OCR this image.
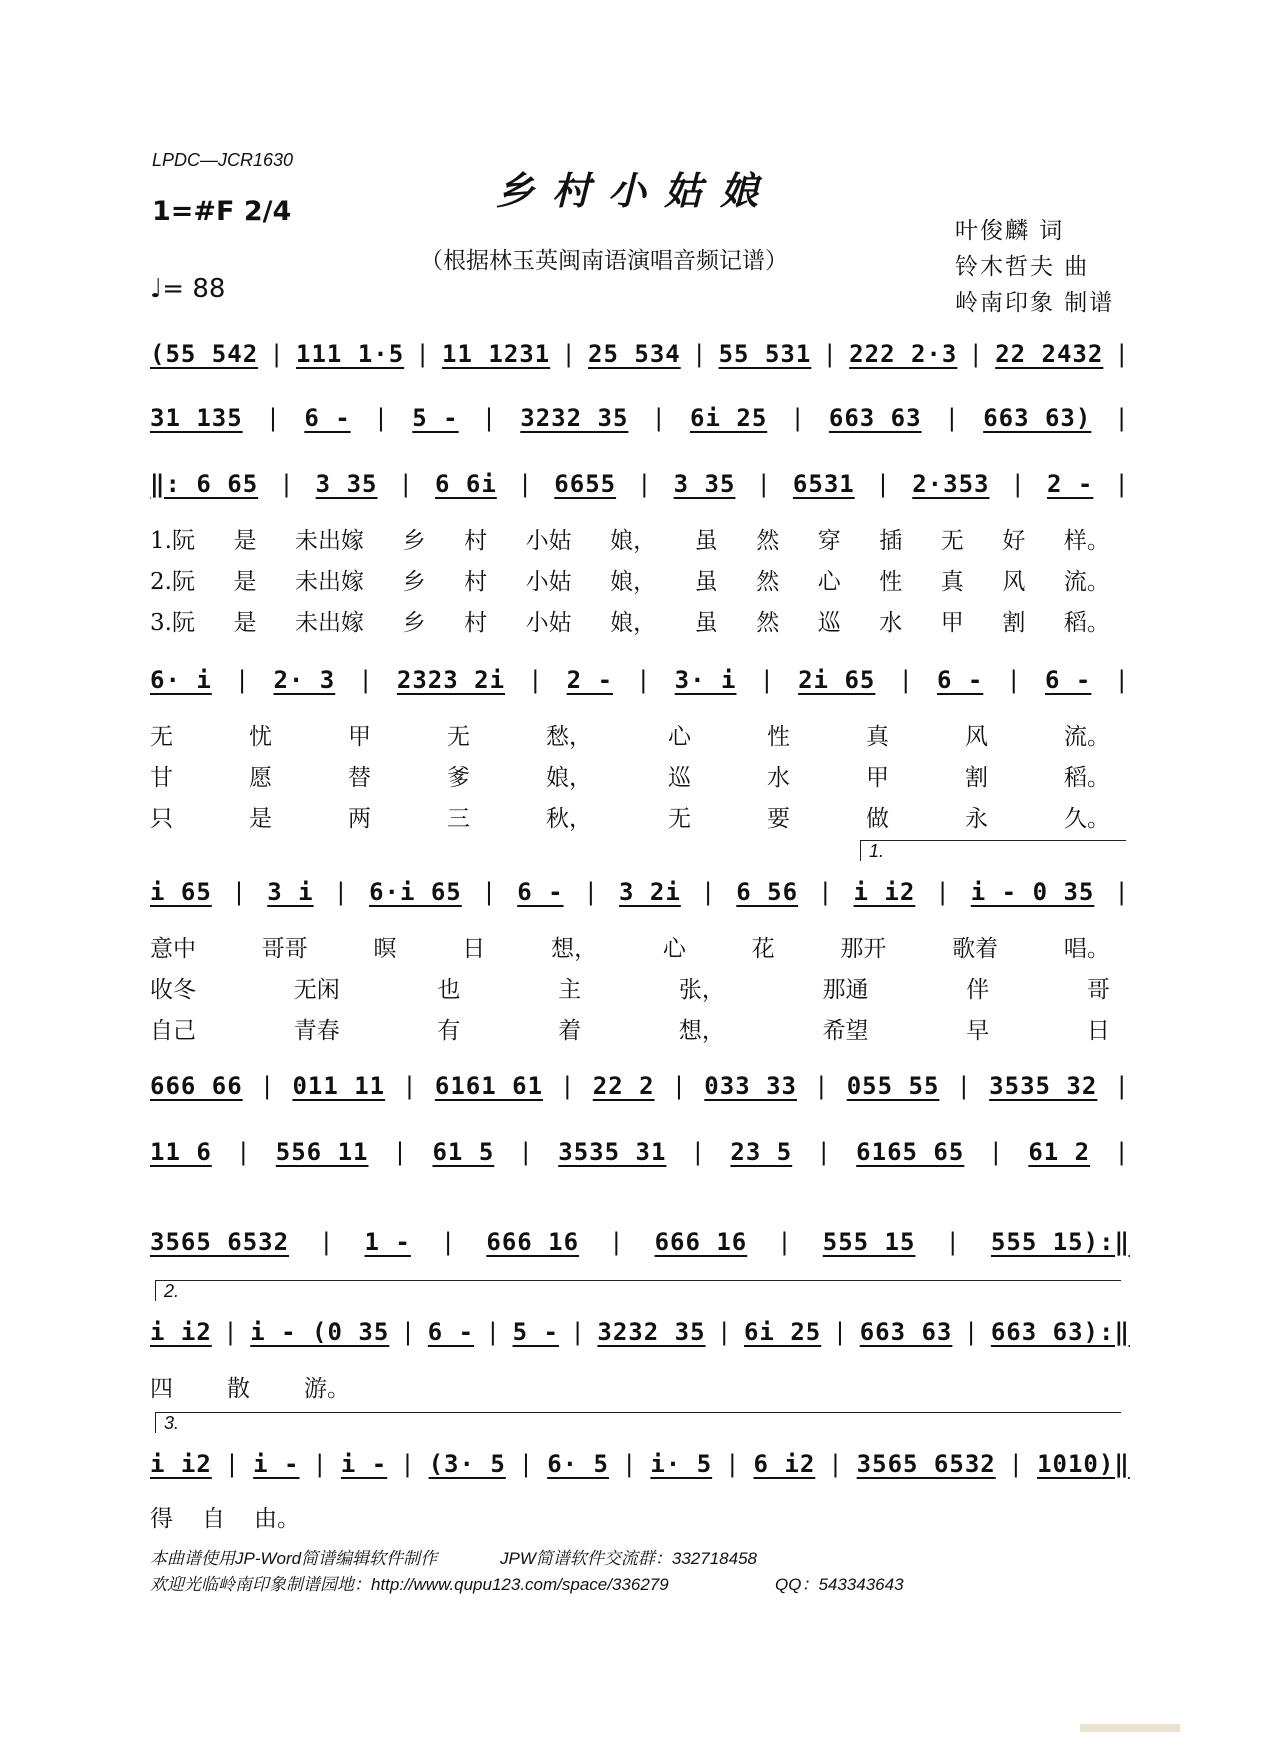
LPDC—JCR1630
乡村小姑娘
（根据林玉英闽南语演唱音频记谱）
1=#F 2/4
♩= 88
叶俊麟 词
铃木哲夫 曲
岭南印象 制谱
(55 542 | 111 1·5 | 11 1231 | 25 534 | 55 531 | 222 2·3 | 22 2432 |
31 135 | 6 - | 5 - | 3232 35 | 6i 25 | 663 63 | 663 63) |
‖: 6 65 | 3 35 | 6 6i | 6655 | 3 35 | 6531 | 2·353 | 2 - |
1.阮 是 未出嫁 乡 村 小姑 娘， 虽 然 穿 插 无 好 样。
2.阮 是 未出嫁 乡 村 小姑 娘， 虽 然 心 性 真 风 流。
3.阮 是 未出嫁 乡 村 小姑 娘， 虽 然 巡 水 甲 割 稻。
6· i | 2· 3 | 2323 2i | 2 - | 3· i | 2i 65 | 6 - | 6 - |
无	忧	甲	无	愁，	心	性	真	风	流。
甘	愿	替	爹	娘，	巡	水	甲	割	稻。
只	是	两	三	秋，	无	要	做	永	久。
1.
i 65 | 3 i | 6·i 65 | 6 - | 3 2i | 6 56 | i i2 | i - 0 35 |
意中	哥哥	暝	日	想，	心	花	那开	歌着	唱。
收冬	无闲	也	主	张，	那通	伴	哥
自己	青春	有	着	想，	希望	早	日
666 66 | 011 11 | 6161 61 | 22 2 | 033 33 | 055 55 | 3535 32 |
11 6 | 556 11 | 61 5 | 3535 31 | 23 5 | 6165 65 | 61 2 |
3565 6532 | 1 - | 666 16 | 666 16 | 555 15 | 555 15):‖
2.
i i2 | i - (0 35 | 6 - | 5 - | 3232 35 | 6i 25 | 663 63 | 663 63):‖
四 散 游。
3.
i i2 | i - | i - | (3· 5 | 6· 5 | i· 5 | 6 i2 | 3565 6532 | 1010)‖
得 自 由。
本曲谱使用JP-Word简谱编辑软件制作	JPW简谱软件交流群：332718458
欢迎光临岭南印象制谱园地：http://www.qupu123.com/space/336279	QQ：543343643
